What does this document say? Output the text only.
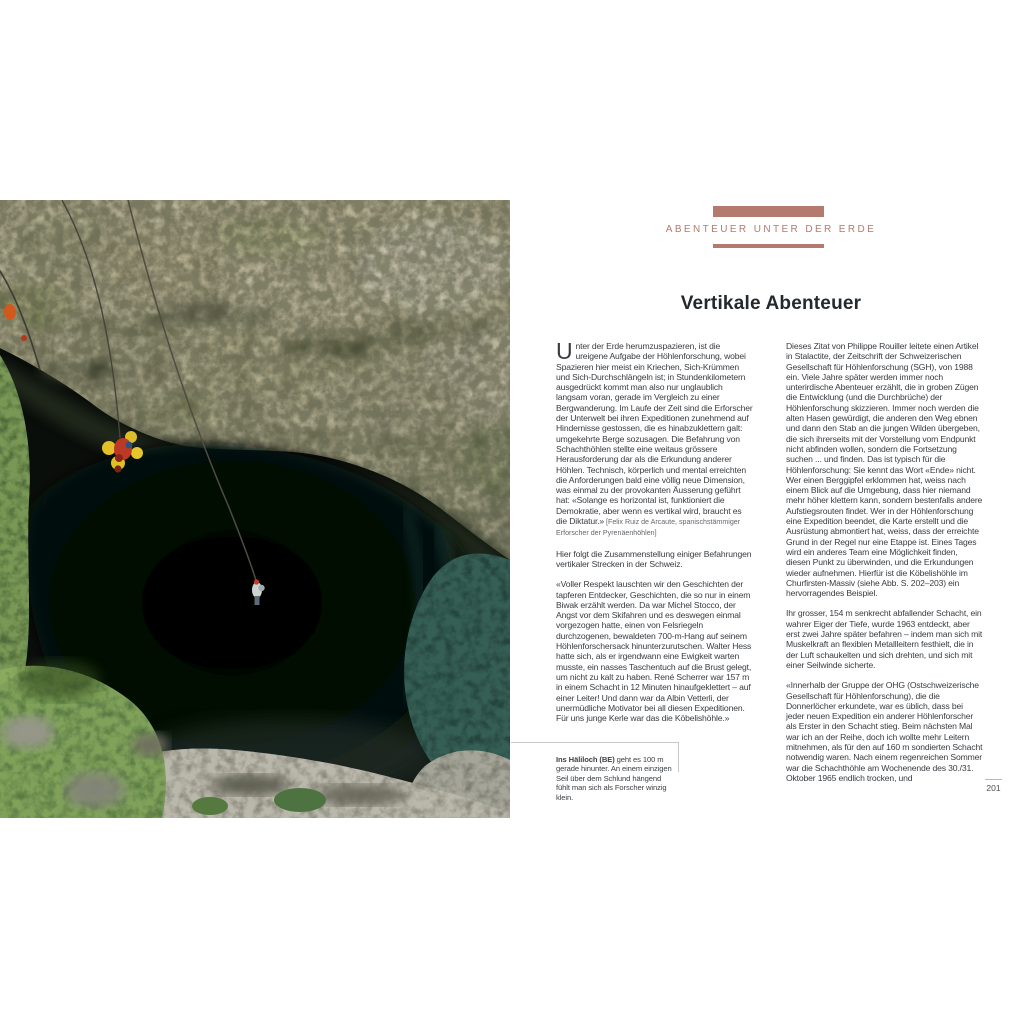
Ins Häliloch (BE) geht es 100 m gerade hinunter. An einem einzigen Seil über dem Schlund hängend fühlt man sich als Forscher winzig klein.

ABENTEUER UNTER DER ERDE
Vertikale Abenteuer

Unter der Erde herumzuspazieren, ist die ureigene Aufgabe der Höhlenforschung, wobei Spazieren hier meist ein Kriechen, Sich-Krümmen und Sich-Durchschlängeln ist; in Stundenkilometern ausgedrückt kommt man also nur unglaublich langsam voran, gerade im Vergleich zu einer Bergwanderung. Im Laufe der Zeit sind die Erforscher der Unterwelt bei ihren Expeditionen zunehmend auf Hindernisse gestossen, die es hinabzuklettern galt: umgekehrte Berge sozusagen. Die Befahrung von Schachthöhlen stellte eine weitaus grössere Herausforderung dar als die Erkundung anderer Höhlen. Technisch, körperlich und mental erreichten die Anforderungen bald eine völlig neue Dimension, was einmal zu der provokanten Äusserung geführt hat: «Solange es horizontal ist, funktioniert die Demokratie, aber wenn es vertikal wird, braucht es die Diktatur.» [Felix Ruiz de Arcaute, spanischstämmiger Erforscher der Pyrenäenhöhlen]

Hier folgt die Zusammenstellung einiger Befahrungen vertikaler Strecken in der Schweiz.

«Voller Respekt lauschten wir den Geschichten der tapferen Entdecker, Geschichten, die so nur in einem Biwak erzählt werden. Da war Michel Stocco, der Angst vor dem Skifahren und es deswegen einmal vorgezogen hatte, einen von Felsriegeln durchzogenen, bewaldeten 700-m-Hang auf seinem Höhlenforschersack hinunterzurutschen. Walter Hess hatte sich, als er irgendwann eine Ewigkeit warten musste, ein nasses Taschentuch auf die Brust gelegt, um nicht zu kalt zu haben. René Scherrer war 157 m in einem Schacht in 12 Minuten hinaufgeklettert – auf einer Leiter! Und dann war da Albin Vetterli, der unermüdliche Motivator bei all diesen Expeditionen. Für uns junge Kerle war das die Köbelishöhle.»

Dieses Zitat von Philippe Rouiller leitete einen Artikel in Stalactite, der Zeitschrift der Schweizerischen Gesellschaft für Höhlenforschung (SGH), von 1988 ein. Viele Jahre später werden immer noch unterirdische Abenteuer erzählt, die in groben Zügen die Entwicklung (und die Durchbrüche) der Höhlenforschung skizzieren. Immer noch werden die alten Hasen gewürdigt, die anderen den Weg ebnen und dann den Stab an die jungen Wilden übergeben, die sich ihrerseits mit der Vorstellung vom Endpunkt nicht abfinden wollen, sondern die Fortsetzung suchen ... und finden. Das ist typisch für die Höhlenforschung: Sie kennt das Wort «Ende» nicht. Wer einen Berggipfel erklommen hat, weiss nach einem Blick auf die Umgebung, dass hier niemand mehr höher klettern kann, sondern bestenfalls andere Aufstiegsrouten findet. Wer in der Höhlenforschung eine Expedition beendet, die Karte erstellt und die Ausrüstung abmontiert hat, weiss, dass der erreichte Grund in der Regel nur eine Etappe ist. Eines Tages wird ein anderes Team eine Möglichkeit finden, diesen Punkt zu überwinden, und die Erkundungen wieder aufnehmen. Hierfür ist die Köbelishöhle im Churfirsten-Massiv (siehe Abb. S. 202–203) ein hervorragendes Beispiel.

Ihr grosser, 154 m senkrecht abfallender Schacht, ein wahrer Eiger der Tiefe, wurde 1963 entdeckt, aber erst zwei Jahre später befahren – indem man sich mit Muskelkraft an flexiblen Metallleitern festhielt, die in der Luft schaukelten und sich drehten, und sich mit einer Seilwinde sicherte.

«Innerhalb der Gruppe der OHG (Ostschweizerische Gesellschaft für Höhlenforschung), die die Donnerlöcher erkundete, war es üblich, dass bei jeder neuen Expedition ein anderer Höhlenforscher als Erster in den Schacht stieg. Beim nächsten Mal war ich an der Reihe, doch ich wollte mehr Leitern mitnehmen, als für den auf 160 m sondierten Schacht notwendig waren. Nach einem regenreichen Sommer war die Schachthöhle am Wochenende des 30./31. Oktober 1965 endlich trocken, und

201
